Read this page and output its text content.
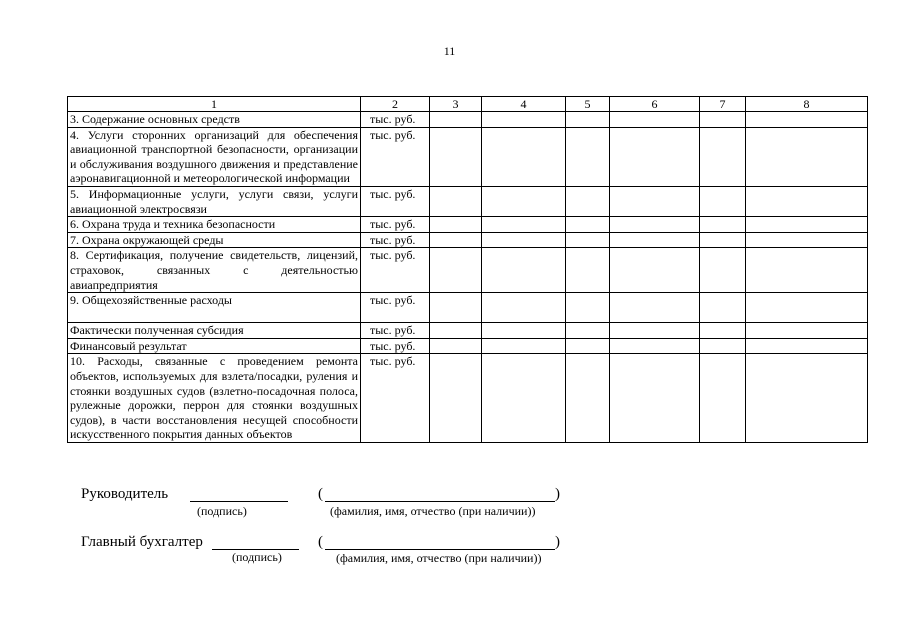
11
1	2	3	4	5	6	7	8
3. Содержание основных средств	тыс. руб.						
4. Услуги сторонних организаций для обеспечения авиационной транспортной безопасности, организации и обслуживания воздушного движения и представление аэронавигационной и метеорологической информации	тыс. руб.						
5. Информационные услуги, услуги связи, услуги авиационной электросвязи	тыс. руб.						
6. Охрана труда и техника безопасности	тыс. руб.						
7. Охрана окружающей среды	тыс. руб.						
8. Сертификация, получение свидетельств, лицензий, страховок, связанных с деятельностью авиапредприятия	тыс. руб.						
9. Общехозяйственные расходы	тыс. руб.						
Фактически полученная субсидия	тыс. руб.						
Финансовый результат	тыс. руб.						
10. Расходы, связанные с проведением ремонта объектов, используемых для взлета/посадки, руления и стоянки воздушных судов (взлетно-посадочная полоса, рулежные дорожки, перрон для стоянки воздушных судов), в части восстановления несущей способности искусственного покрытия данных объектов	тыс. руб.						
Руководитель
(подпись)
(	)
(фамилия, имя, отчество (при наличии))
Главный бухгалтер
(подпись)
(	)
(фамилия, имя, отчество (при наличии))
